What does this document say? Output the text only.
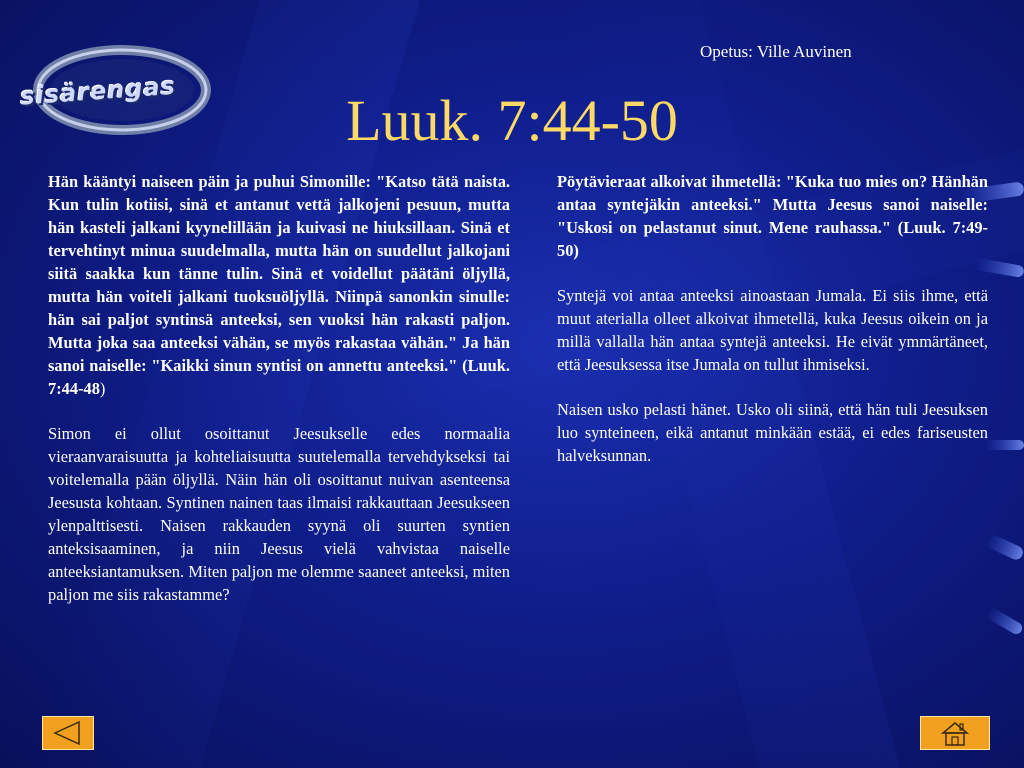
sisärengas
Opetus: Ville Auvinen
Luuk. 7:44-50

Hän kääntyi naiseen päin ja puhui Simonille: "Katso tätä naista. Kun tulin kotiisi, sinä et antanut vettä jalkojeni pesuun, mutta hän kasteli jalkani kyynelillään ja kuivasi ne hiuksillaan. Sinä et tervehtinyt minua suudelmalla, mutta hän on suudellut jalkojani siitä saakka kun tänne tulin. Sinä et voidellut päätäni öljyllä, mutta hän voiteli jalkani tuoksuöljyllä. Niinpä sanonkin sinulle: hän sai paljot syntinsä anteeksi, sen vuoksi hän rakasti paljon. Mutta joka saa anteeksi vähän, se myös rakastaa vähän." Ja hän sanoi naiselle: "Kaikki sinun syntisi on annettu anteeksi." (Luuk. 7:44-48)

Simon ei ollut osoittanut Jeesukselle edes normaalia vieraanvaraisuutta ja kohteliaisuutta suutelemalla tervehdykseksi tai voitelemalla pään öljyllä. Näin hän oli osoittanut nuivan asenteensa Jeesusta kohtaan. Syntinen nainen taas ilmaisi rakkauttaan Jeesukseen ylenpalttisesti. Naisen rakkauden syynä oli suurten syntien anteksisaaminen, ja niin Jeesus vielä vahvistaa naiselle anteeksiantamuksen. Miten paljon me olemme saaneet anteeksi, miten paljon me siis rakastamme?

Pöytävieraat alkoivat ihmetellä: "Kuka tuo mies on? Hänhän antaa syntejäkin anteeksi." Mutta Jeesus sanoi naiselle: "Uskosi on pelastanut sinut. Mene rauhassa." (Luuk. 7:49-50)

Syntejä voi antaa anteeksi ainoastaan Jumala. Ei siis ihme, että muut aterialla olleet alkoivat ihmetellä, kuka Jeesus oikein on ja millä vallalla hän antaa syntejä anteeksi. He eivät ymmärtäneet, että Jeesuksessa itse Jumala on tullut ihmiseksi.

Naisen usko pelasti hänet. Usko oli siinä, että hän tuli Jeesuksen luo synteineen, eikä antanut minkään estää, ei edes fariseusten halveksunnan.
